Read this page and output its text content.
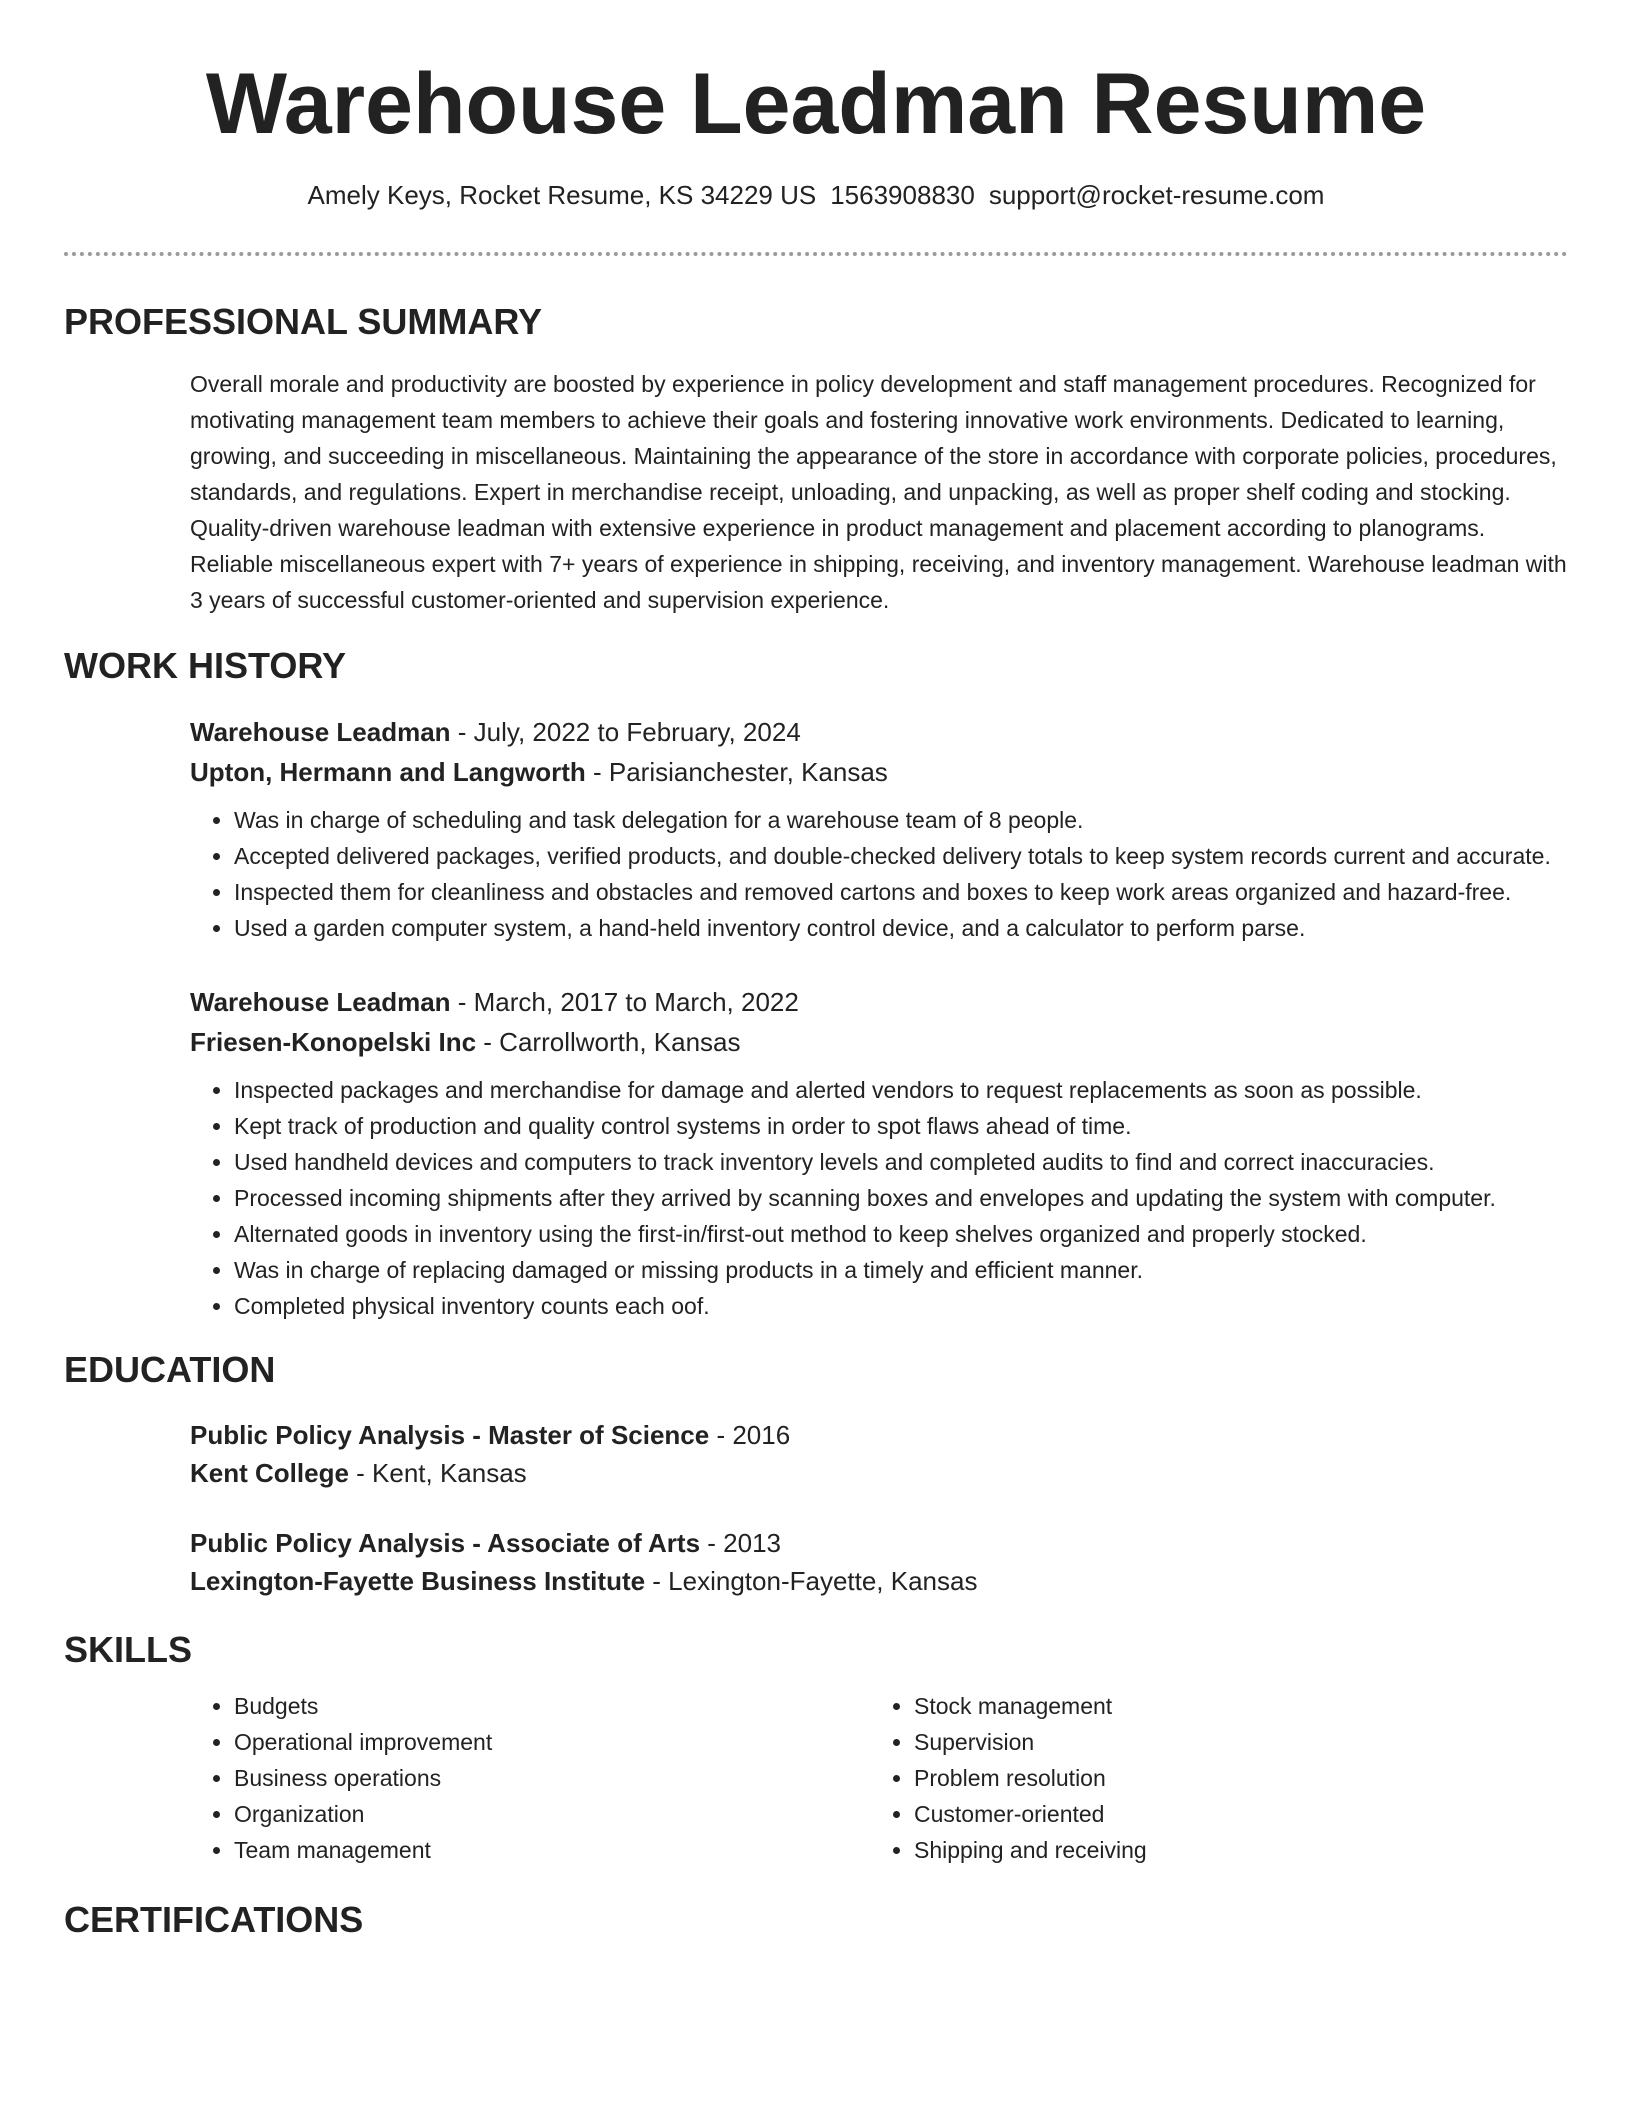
Warehouse Leadman Resume
Amely Keys, Rocket Resume, KS 34229 US 1563908830 support@rocket-resume.com
PROFESSIONAL SUMMARY
Overall morale and productivity are boosted by experience in policy development and staff management procedures. Recognized for motivating management team members to achieve their goals and fostering innovative work environments. Dedicated to learning, growing, and succeeding in miscellaneous. Maintaining the appearance of the store in accordance with corporate policies, procedures, standards, and regulations. Expert in merchandise receipt, unloading, and unpacking, as well as proper shelf coding and stocking. Quality-driven warehouse leadman with extensive experience in product management and placement according to planograms. Reliable miscellaneous expert with 7+ years of experience in shipping, receiving, and inventory management. Warehouse leadman with 3 years of successful customer-oriented and supervision experience.
WORK HISTORY
Warehouse Leadman - July, 2022 to February, 2024
Upton, Hermann and Langworth - Parisianchester, Kansas
• Was in charge of scheduling and task delegation for a warehouse team of 8 people.
• Accepted delivered packages, verified products, and double-checked delivery totals to keep system records current and accurate.
• Inspected them for cleanliness and obstacles and removed cartons and boxes to keep work areas organized and hazard-free.
• Used a garden computer system, a hand-held inventory control device, and a calculator to perform parse.
Warehouse Leadman - March, 2017 to March, 2022
Friesen-Konopelski Inc - Carrollworth, Kansas
• Inspected packages and merchandise for damage and alerted vendors to request replacements as soon as possible.
• Kept track of production and quality control systems in order to spot flaws ahead of time.
• Used handheld devices and computers to track inventory levels and completed audits to find and correct inaccuracies.
• Processed incoming shipments after they arrived by scanning boxes and envelopes and updating the system with computer.
• Alternated goods in inventory using the first-in/first-out method to keep shelves organized and properly stocked.
• Was in charge of replacing damaged or missing products in a timely and efficient manner.
• Completed physical inventory counts each oof.
EDUCATION
Public Policy Analysis - Master of Science - 2016
Kent College - Kent, Kansas
Public Policy Analysis - Associate of Arts - 2013
Lexington-Fayette Business Institute - Lexington-Fayette, Kansas
SKILLS
• Budgets
• Operational improvement
• Business operations
• Organization
• Team management
• Stock management
• Supervision
• Problem resolution
• Customer-oriented
• Shipping and receiving
CERTIFICATIONS
